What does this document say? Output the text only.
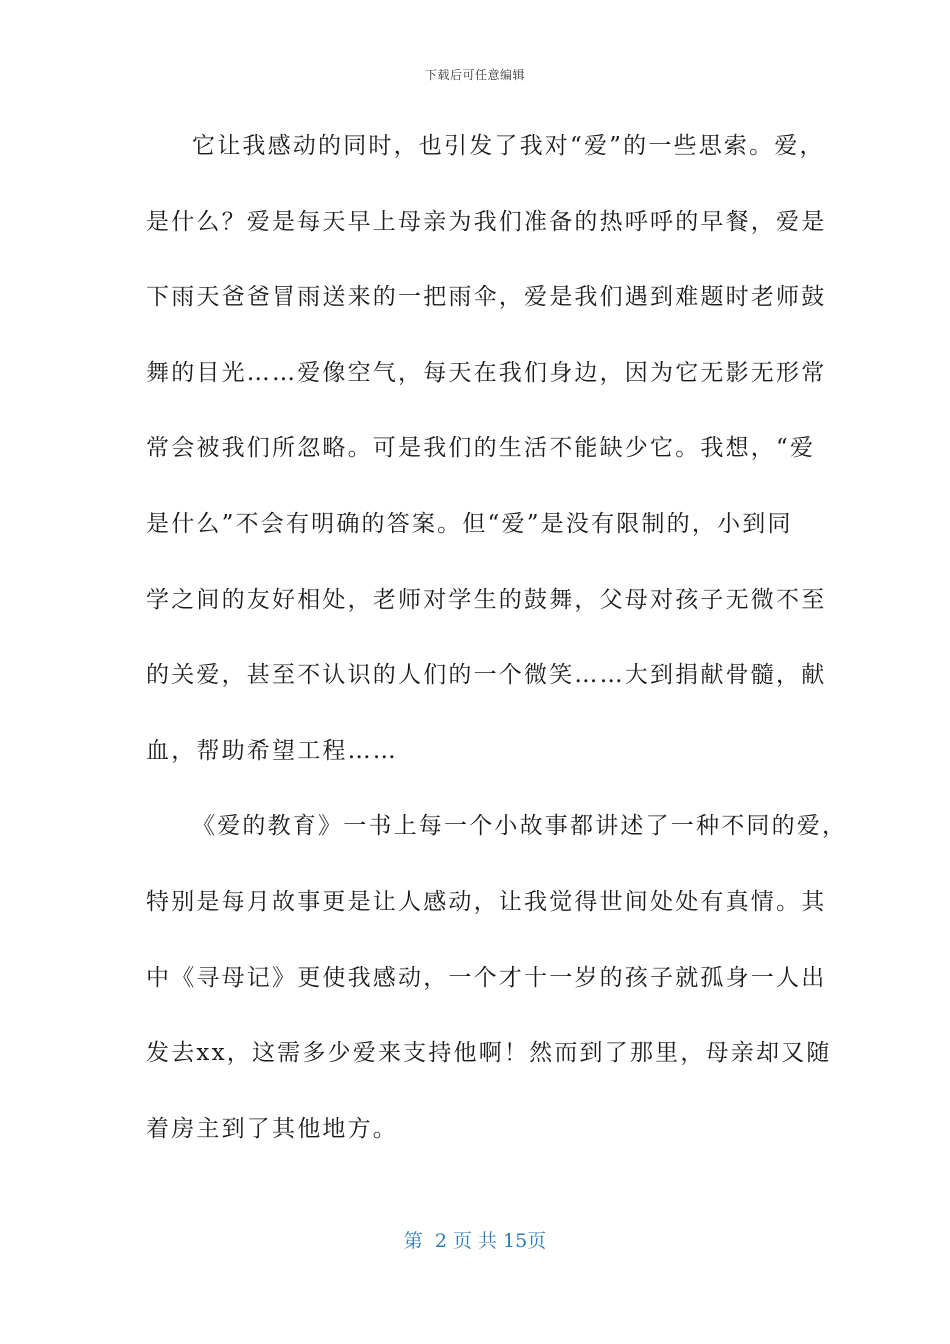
下载后可任意编辑
它让我感动的同时，也引发了我对“爱”的一些思索。爱，
是什么？爱是每天早上母亲为我们准备的热呼呼的早餐，爱是
下雨天爸爸冒雨送来的一把雨伞，爱是我们遇到难题时老师鼓
舞的目光……爱像空气，每天在我们身边，因为它无影无形常
常会被我们所忽略。可是我们的生活不能缺少它。我想，“爱
是什么”不会有明确的答案。但“爱”是没有限制的，小到同
学之间的友好相处，老师对学生的鼓舞，父母对孩子无微不至
的关爱，甚至不认识的人们的一个微笑……大到捐献骨髓，献
血，帮助希望工程……
《爱的教育》一书上每一个小故事都讲述了一种不同的爱，
特别是每月故事更是让人感动，让我觉得世间处处有真情。其
中《寻母记》更使我感动，一个才十一岁的孩子就孤身一人出
发去xx，这需多少爱来支持他啊！然而到了那里，母亲却又随
着房主到了其他地方。
第  2 页 共 15页
